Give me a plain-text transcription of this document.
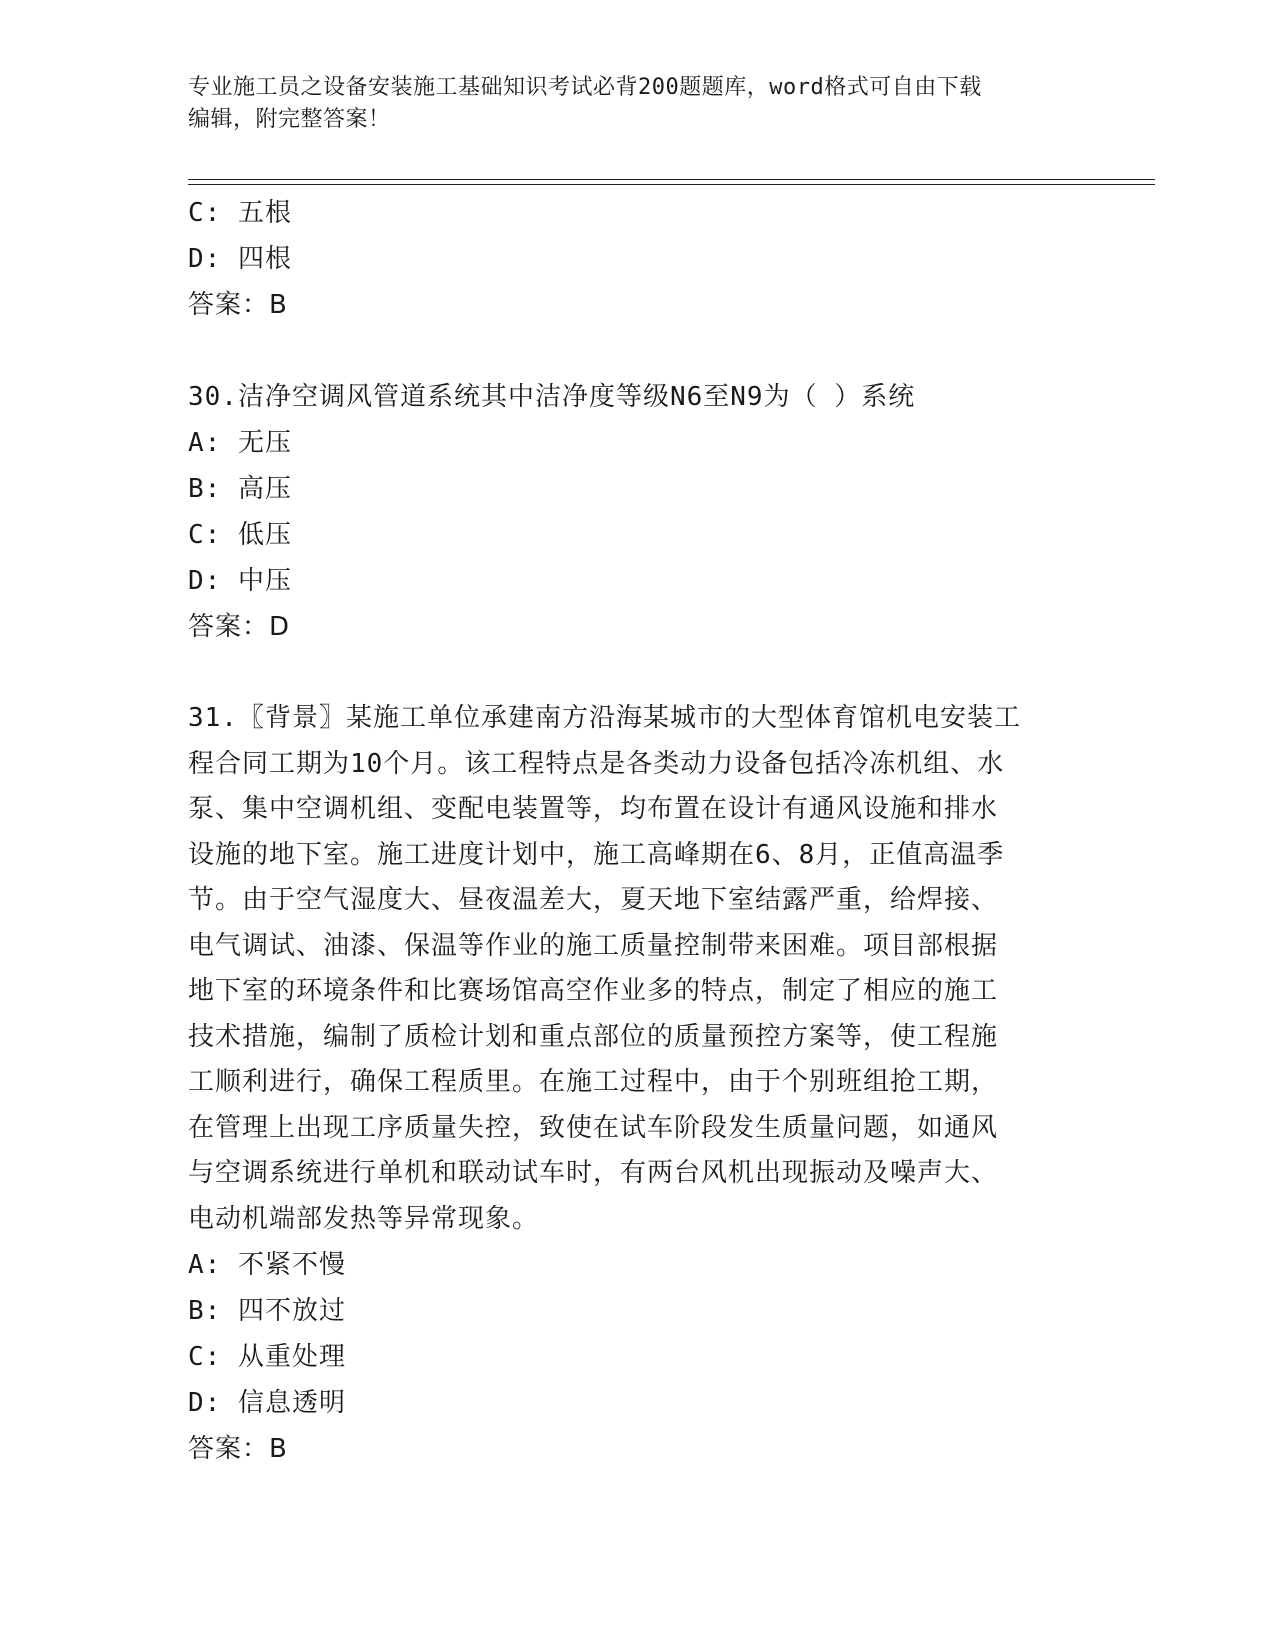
专业施工员之设备安装施工基础知识考试必背200题题库，word格式可自由下载
编辑，附完整答案！
C: 五根
D: 四根
答案：B
30.洁净空调风管道系统其中洁净度等级N6至N9为（ ）系统
A: 无压
B: 高压
C: 低压
D: 中压
答案：D
31.〖背景〗某施工单位承建南方沿海某城市的大型体育馆机电安装工
程合同工期为10个月。该工程特点是各类动力设备包括冷冻机组、水
泵、集中空调机组、变配电装置等，均布置在设计有通风设施和排水
设施的地下室。施工进度计划中，施工高峰期在6、8月，正值高温季
节。由于空气湿度大、昼夜温差大，夏天地下室结露严重，给焊接、
电气调试、油漆、保温等作业的施工质量控制带来困难。项目部根据
地下室的环境条件和比赛场馆高空作业多的特点，制定了相应的施工
技术措施，编制了质检计划和重点部位的质量预控方案等，使工程施
工顺利进行，确保工程质里。在施工过程中，由于个别班组抢工期，
在管理上出现工序质量失控，致使在试车阶段发生质量问题，如通风
与空调系统进行单机和联动试车时，有两台风机出现振动及噪声大、
电动机端部发热等异常现象。
A: 不紧不慢
B: 四不放过
C: 从重处理
D: 信息透明
答案：B
